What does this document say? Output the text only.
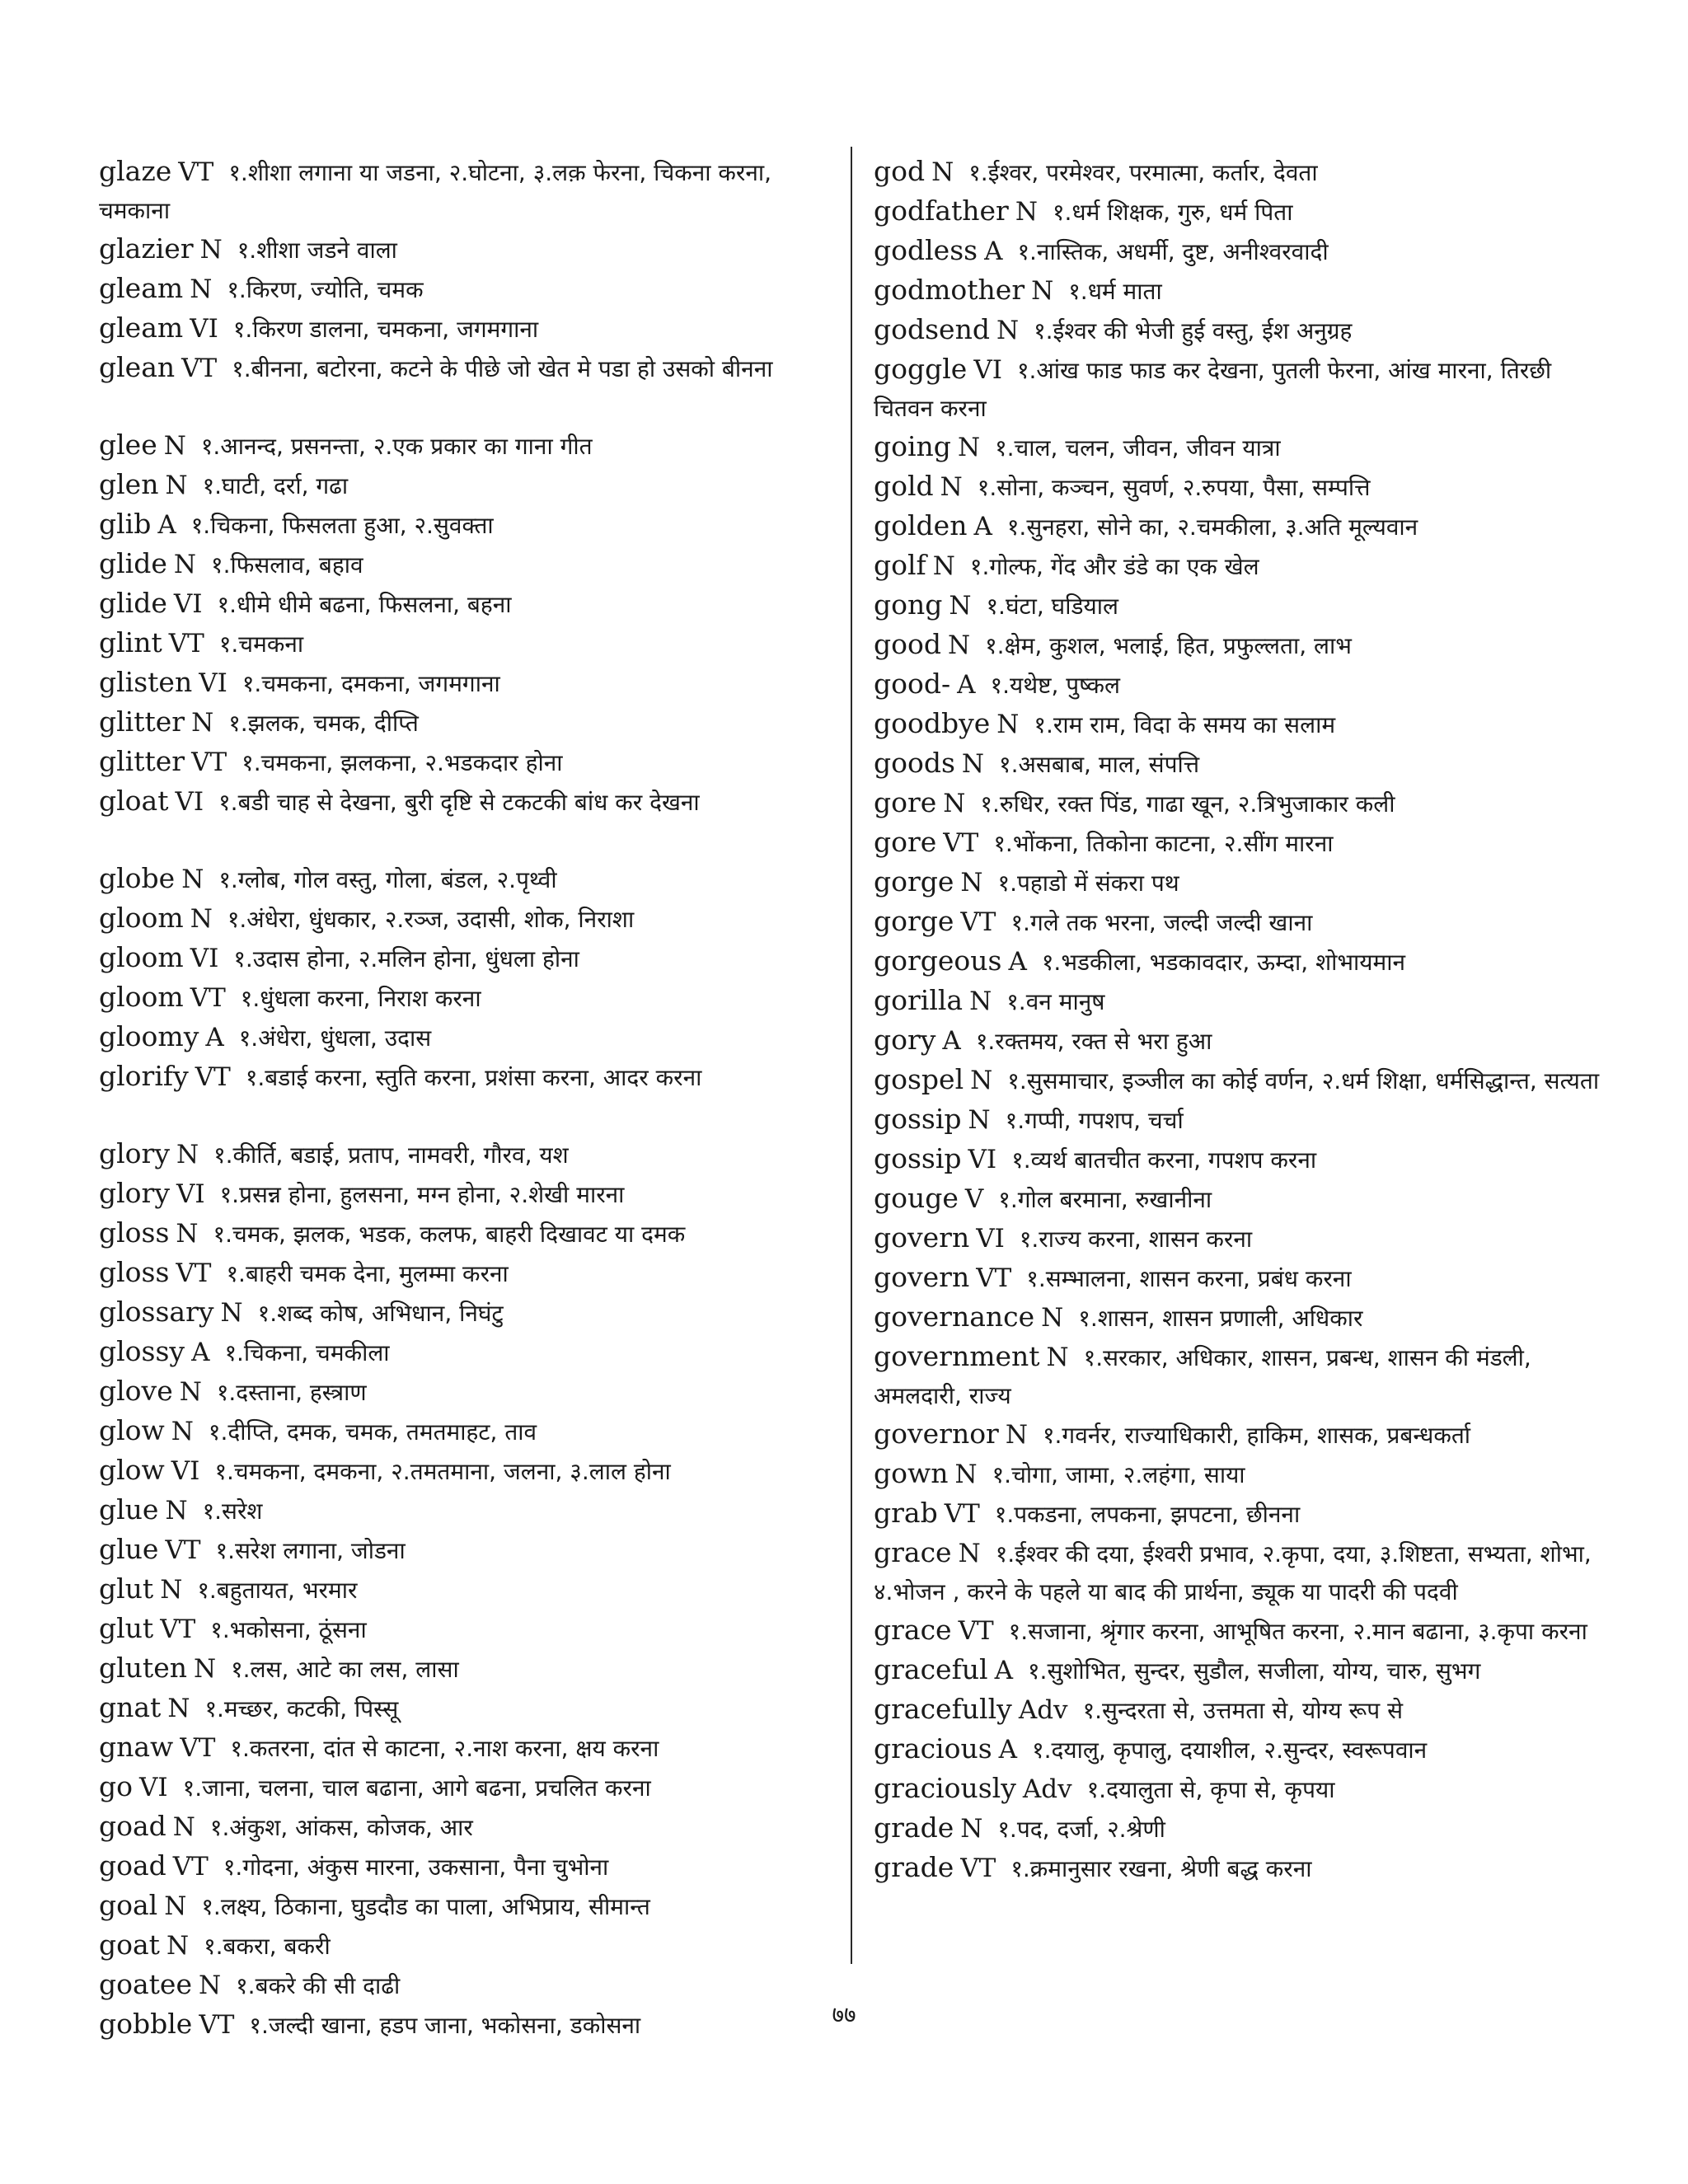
glaze VT १.शीशा लगाना या जडना, २.घोटना, ३.लक़ फेरना, चिकना करना, चमकाना
glazier N १.शीशा जडने वाला
gleam N १.किरण, ज्योति, चमक
gleam VI १.किरण डालना, चमकना, जगमगाना
glean VT १.बीनना, बटोरना, कटने के पीछे जो खेत मे पडा हो उसको बीनना
glee N १.आनन्द, प्रसनन्ता, २.एक प्रकार का गाना गीत
glen N १.घाटी, दर्रा, गढा
glib A १.चिकना, फिसलता हुआ, २.सुवक्ता
glide N १.फिसलाव, बहाव
glide VI १.धीमे धीमे बढना, फिसलना, बहना
glint VT १.चमकना
glisten VI १.चमकना, दमकना, जगमगाना
glitter N १.झलक, चमक, दीप्ति
glitter VT १.चमकना, झलकना, २.भडकदार होना
gloat VI १.बडी चाह से देखना, बुरी दृष्टि से टकटकी बांध कर देखना
globe N १.ग्लोब, गोल वस्तु, गोला, बंडल, २.पृथ्वी
gloom N १.अंधेरा, धुंधकार, २.रञ्ज, उदासी, शोक, निराशा
gloom VI १.उदास होना, २.मलिन होना, धुंधला होना
gloom VT १.धुंधला करना, निराश करना
gloomy A १.अंधेरा, धुंधला, उदास
glorify VT १.बडाई करना, स्तुति करना, प्रशंसा करना, आदर करना
glory N १.कीर्ति, बडाई, प्रताप, नामवरी, गौरव, यश
glory VI १.प्रसन्न होना, हुलसना, मग्न होना, २.शेखी मारना
gloss N १.चमक, झलक, भडक, कलफ, बाहरी दिखावट या दमक
gloss VT १.बाहरी चमक देना, मुलम्मा करना
glossary N १.शब्द कोष, अभिधान, निघंटु
glossy A १.चिकना, चमकीला
glove N १.दस्ताना, हस्त्राण
glow N १.दीप्ति, दमक, चमक, तमतमाहट, ताव
glow VI १.चमकना, दमकना, २.तमतमाना, जलना, ३.लाल होना
glue N १.सरेश
glue VT १.सरेश लगाना, जोडना
glut N १.बहुतायत, भरमार
glut VT १.भकोसना, ठूंसना
gluten N १.लस, आटे का लस, लासा
gnat N १.मच्छर, कटकी, पिस्सू
gnaw VT १.कतरना, दांत से काटना, २.नाश करना, क्षय करना
go VI १.जाना, चलना, चाल बढाना, आगे बढना, प्रचलित करना
goad N १.अंकुश, आंकस, कोजक, आर
goad VT १.गोदना, अंकुस मारना, उकसाना, पैना चुभोना
goal N १.लक्ष्य, ठिकाना, घुडदौड का पाला, अभिप्राय, सीमान्त
goat N १.बकरा, बकरी
goatee N १.बकरे की सी दाढी
gobble VT १.जल्दी खाना, हडप जाना, भकोसना, डकोसना
god N १.ईश्वर, परमेश्वर, परमात्मा, कर्तार, देवता
godfather N १.धर्म शिक्षक, गुरु, धर्म पिता
godless A १.नास्तिक, अधर्मी, दुष्ट, अनीश्वरवादी
godmother N १.धर्म माता
godsend N १.ईश्वर की भेजी हुई वस्तु, ईश अनुग्रह
goggle VI १.आंख फाड फाड कर देखना, पुतली फेरना, आंख मारना, तिरछी चितवन करना
going N १.चाल, चलन, जीवन, जीवन यात्रा
gold N १.सोना, कञ्चन, सुवर्ण, २.रुपया, पैसा, सम्पत्ति
golden A १.सुनहरा, सोने का, २.चमकीला, ३.अति मूल्यवान
golf N १.गोल्फ, गेंद और डंडे का एक खेल
gong N १.घंटा, घडियाल
good N १.क्षेम, कुशल, भलाई, हित, प्रफुल्लता, लाभ
good- A १.यथेष्ट, पुष्कल
goodbye N १.राम राम, विदा के समय का सलाम
goods N १.असबाब, माल, संपत्ति
gore N १.रुधिर, रक्त पिंड, गाढा खून, २.त्रिभुजाकार कली
gore VT १.भोंकना, तिकोना काटना, २.सींग मारना
gorge N १.पहाडो में संकरा पथ
gorge VT १.गले तक भरना, जल्दी जल्दी खाना
gorgeous A १.भडकीला, भडकावदार, ऊम्दा, शोभायमान
gorilla N १.वन मानुष
gory A १.रक्तमय, रक्त से भरा हुआ
gospel N १.सुसमाचार, इञ्जील का कोई वर्णन, २.धर्म शिक्षा, धर्मसिद्धान्त, सत्यता
gossip N १.गप्पी, गपशप, चर्चा
gossip VI १.व्यर्थ बातचीत करना, गपशप करना
gouge V १.गोल बरमाना, रुखानीना
govern VI १.राज्य करना, शासन करना
govern VT १.सम्भालना, शासन करना, प्रबंध करना
governance N १.शासन, शासन प्रणाली, अधिकार
government N १.सरकार, अधिकार, शासन, प्रबन्ध, शासन की मंडली, अमलदारी, राज्य
governor N १.गवर्नर, राज्याधिकारी, हाकिम, शासक, प्रबन्धकर्ता
gown N १.चोगा, जामा, २.लहंगा, साया
grab VT १.पकडना, लपकना, झपटना, छीनना
grace N १.ईश्वर की दया, ईश्वरी प्रभाव, २.कृपा, दया, ३.शिष्टता, सभ्यता, शोभा, ४.भोजन , करने के पहले या बाद की प्रार्थना, ड्यूक या पादरी की पदवी
grace VT १.सजाना, श्रृंगार करना, आभूषित करना, २.मान बढाना, ३.कृपा करना
graceful A १.सुशोभित, सुन्दर, सुडौल, सजीला, योग्य, चारु, सुभग
gracefully Adv १.सुन्दरता से, उत्तमता से, योग्य रूप से
gracious A १.दयालु, कृपालु, दयाशील, २.सुन्दर, स्वरूपवान
graciously Adv १.दयालुता से, कृपा से, कृपया
grade N १.पद, दर्जा, २.श्रेणी
grade VT १.क्रमानुसार रखना, श्रेणी बद्ध करना
७७
